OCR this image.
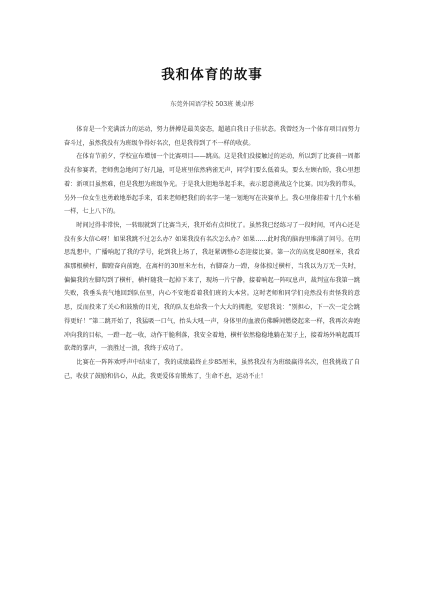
我和体育的故事

东莞外国语学校 503班 姚卓彤

体育是一个充满活力的运动，努力拼搏是最美姿态，超越自我日子佳状态。我曾经为一个体育项目而努力奋斗过，虽然我没有为班级争得好名次，但是我得到了不一样的收获。

在体育节前夕，学校宣布增加一个比赛项目——跳高。这是我们没接触过的运动，所以到了比赛前一周都没有参赛者，老师焦急地问了好几遍，可是班里依然鸦雀无声，同学们要么低着头，要么左顾右盼，我心里想着：新项目虽然难，但是我想为班级争光。于是我大胆地举起手来，表示愿意挑战这个比赛。因为我的带头，另外一位女生也勇敢地举起手来，看来老师把我们的名字一笔一划地写在决赛单上。我心里像挂着十几个水桶一样，七上八下的。

时间过得非常快，一转眼就到了比赛当天，我开始有点担忧了。虽然我已经练习了一段时间，可内心还是没有多大信心呀！如果我跳不过怎么办？如果我没有名次怎么办？如果……此时我的脑海里堆满了问号。在明思乱想中，广播响起了我的学号，轮到我上场了，我赶紧调整心态迎接比赛。第一次的高度是80厘米，我看准那根横杆，脚蹬奋向前跑，在离杆的30厘米左右，右脚奋力一蹬，身体掠过横杆，当我以为万无一失时，偏偏我的左脚勾到了横杆，横杆随我一起掉下来了，现场一片宁静，接着响起一阵叹息声，裁判宣布我第一跳失败，我垂头丧气地回到队伍里，内心不安地看着我们班的大本营。这时老师和同学们竟然没有责怪我的意思，反而投来了关心和鼓励的目光，我的队友也给我一个大大的拥抱，安慰我说：“别担心，下一次一定会跳得更好！”第二跳开始了，我猛吸一口气，抬头大吼一声，身体里的血液仿佛瞬间燃烧起来一样，我再次奔跑冲向我的目标，一蹬一起一收，动作干脆利落，我安全着地，横杆依然稳稳地躺在架子上，接着场外响起震耳欲聋的掌声，一浪胜过一浪，我终于成功了。

比赛在一阵阵欢呼声中结束了，我的成绩最终止步85厘米，虽然我没有为班级赢得名次，但我挑战了自己，收获了鼓励和信心，从此，我更爱体育锻炼了，生命不息，运动不止！
